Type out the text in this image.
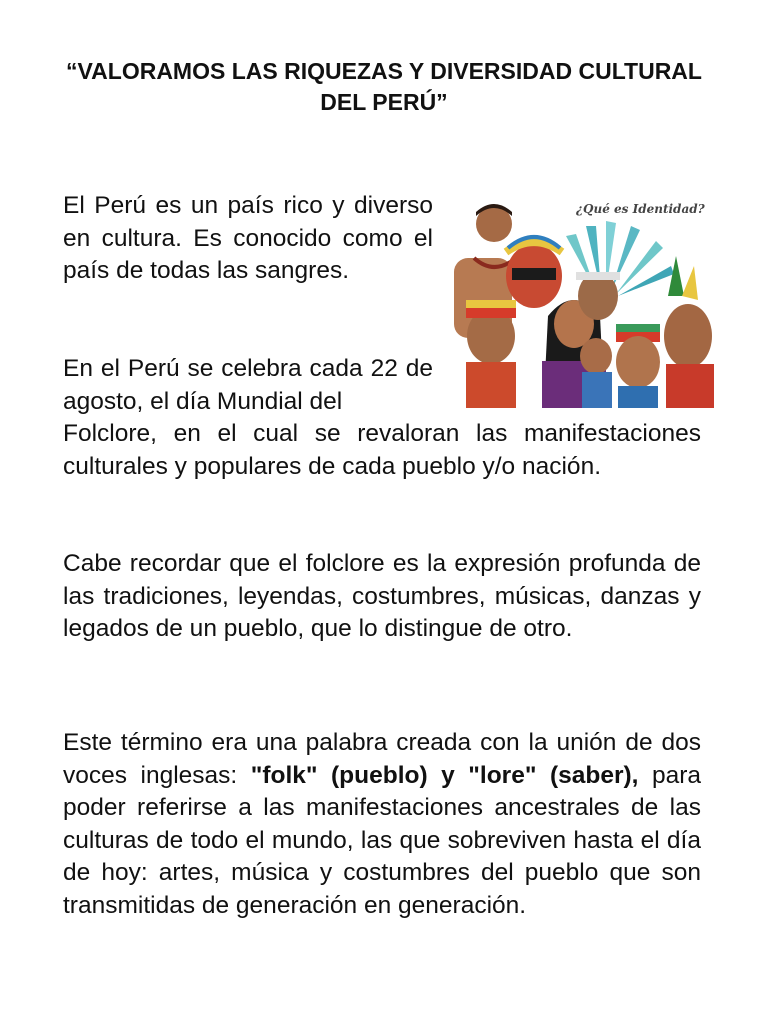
“VALORAMOS LAS RIQUEZAS Y DIVERSIDAD CULTURAL DEL PERÚ”

El Perú es un país rico y diverso en cultura. Es conocido como el país de todas las sangres.

¿Qué es Identidad?

En el Perú se celebra cada 22 de agosto, el día Mundial del

Folclore, en el cual se revaloran las manifestaciones culturales y populares de cada pueblo y/o nación.

Cabe recordar que el folclore es la expresión profunda de las tradiciones, leyendas, costumbres, músicas, danzas y legados de un pueblo, que lo distingue de otro.

Este término era una palabra creada con la unión de dos voces inglesas: "folk" (pueblo) y "lore" (saber), para poder referirse a las manifestaciones ancestrales de las culturas de todo el mundo, las que sobreviven hasta el día de hoy: artes, música y costumbres del pueblo que son transmitidas de generación en generación.
